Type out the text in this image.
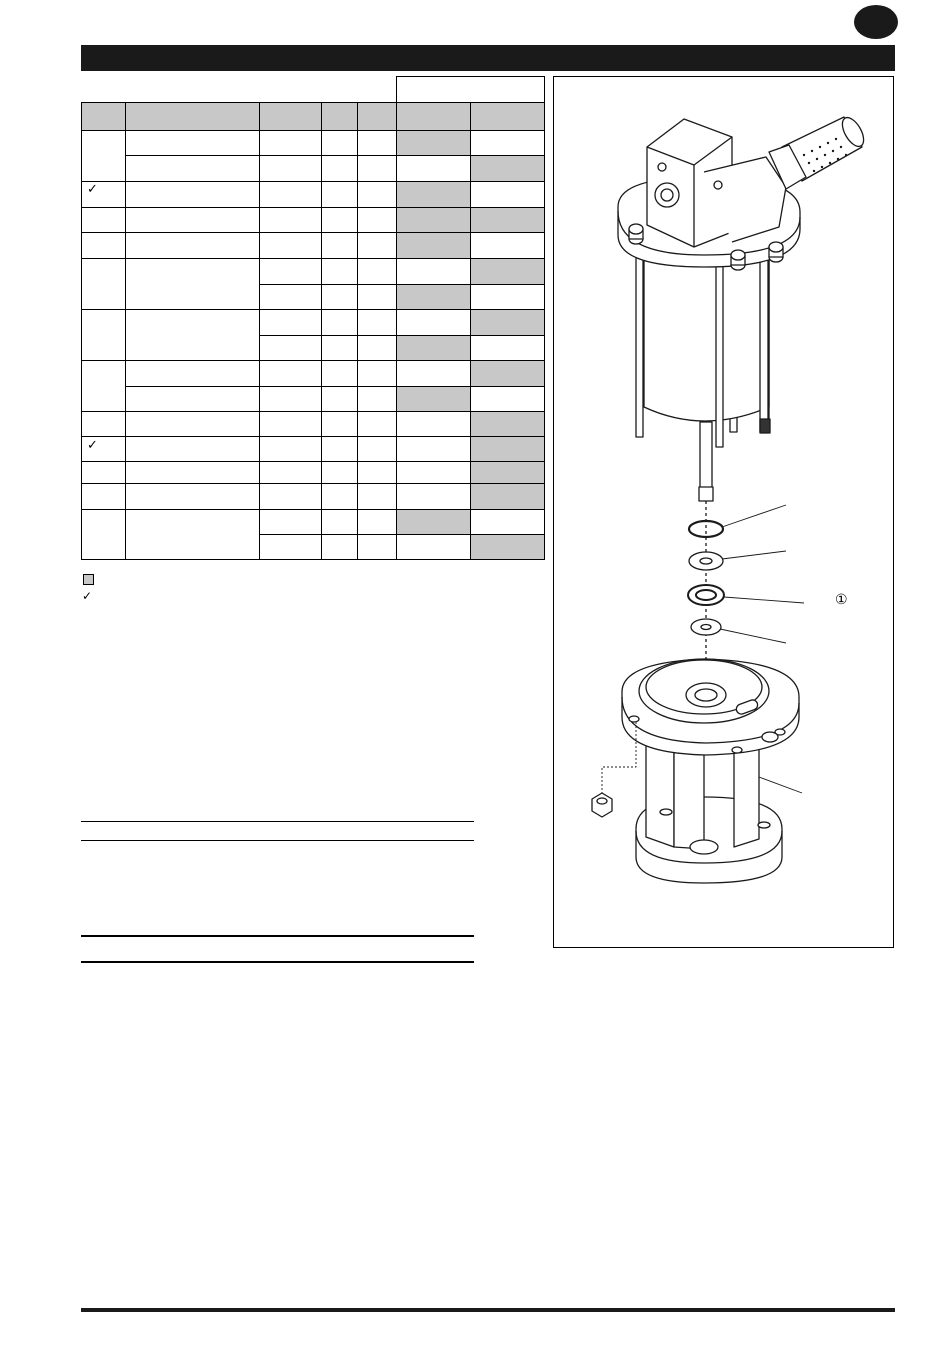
✓
✓
✓	①
